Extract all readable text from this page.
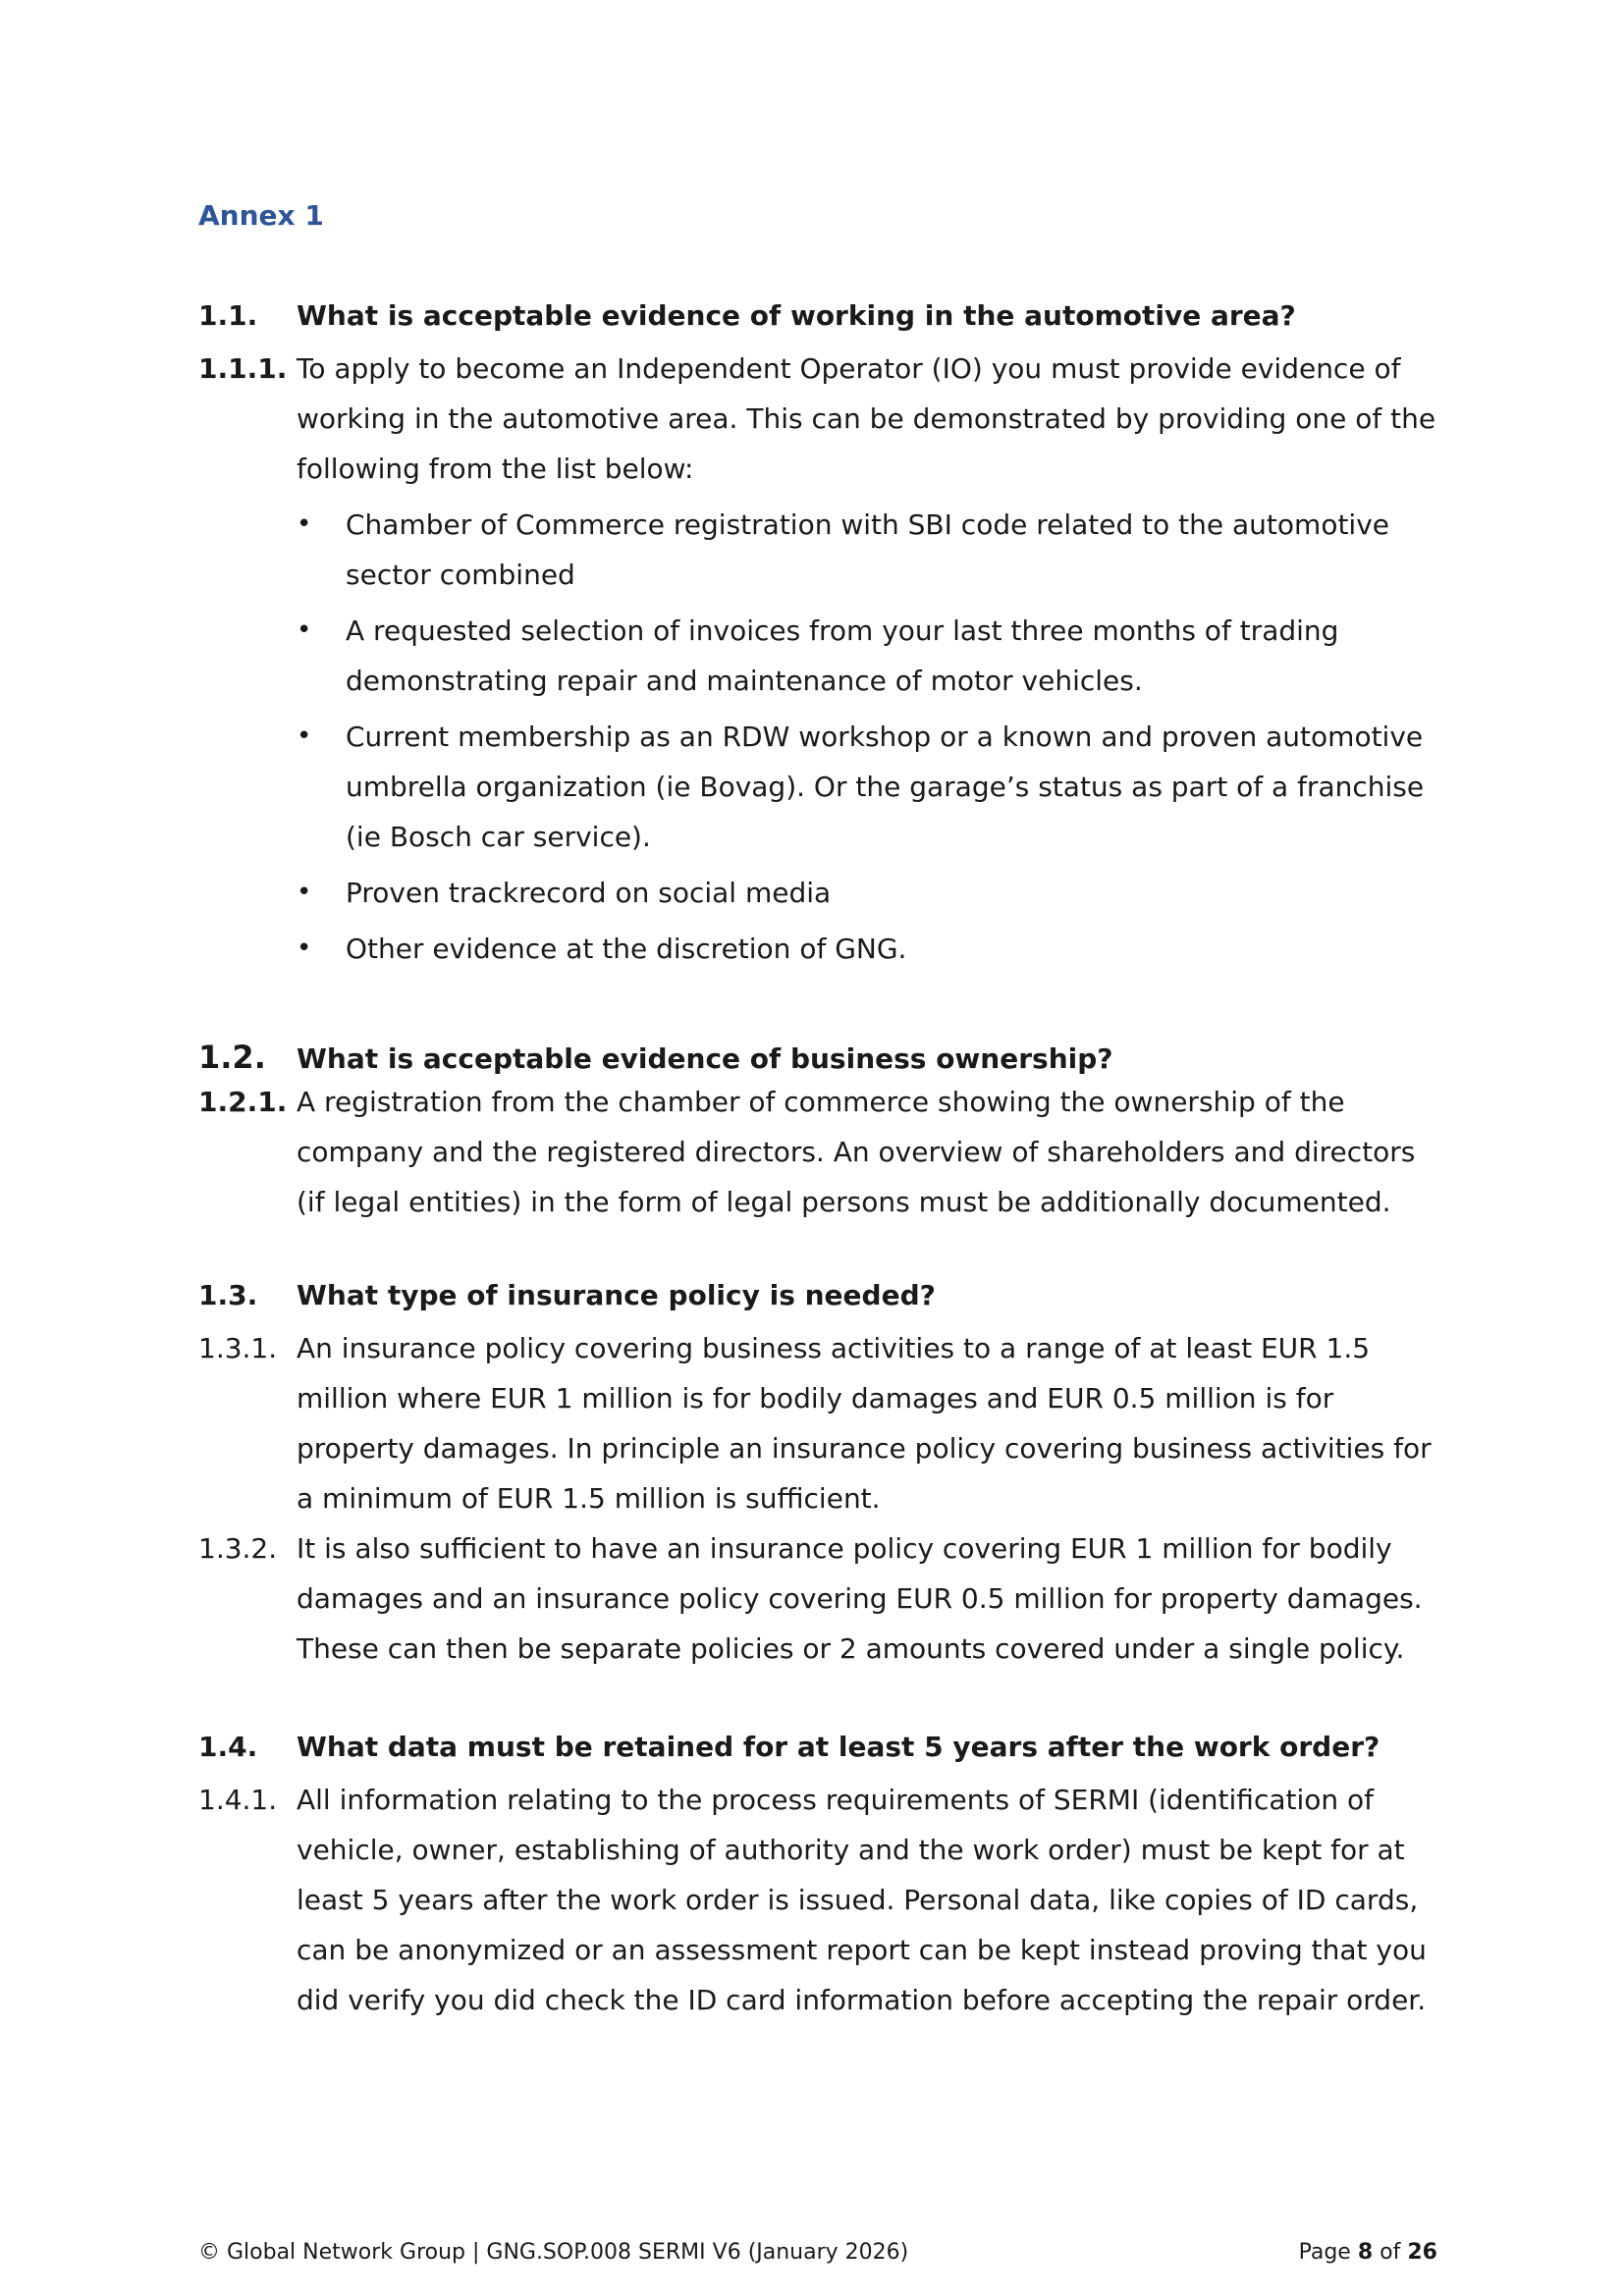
Annex 1
1.1. What is acceptable evidence of working in the automotive area?
1.1.1. To apply to become an Independent Operator (IO) you must provide evidence of working in the automotive area. This can be demonstrated by providing one of the following from the list below:
• Chamber of Commerce registration with SBI code related to the automotive sector combined
• A requested selection of invoices from your last three months of trading demonstrating repair and maintenance of motor vehicles.
• Current membership as an RDW workshop or a known and proven automotive umbrella organization (ie Bovag). Or the garage’s status as part of a franchise (ie Bosch car service).
• Proven trackrecord on social media
• Other evidence at the discretion of GNG.
1.2. What is acceptable evidence of business ownership?
1.2.1. A registration from the chamber of commerce showing the ownership of the company and the registered directors. An overview of shareholders and directors (if legal entities) in the form of legal persons must be additionally documented.
1.3. What type of insurance policy is needed?
1.3.1. An insurance policy covering business activities to a range of at least EUR 1.5 million where EUR 1 million is for bodily damages and EUR 0.5 million is for property damages. In principle an insurance policy covering business activities for a minimum of EUR 1.5 million is sufficient.
1.3.2. It is also sufficient to have an insurance policy covering EUR 1 million for bodily damages and an insurance policy covering EUR 0.5 million for property damages. These can then be separate policies or 2 amounts covered under a single policy.
1.4. What data must be retained for at least 5 years after the work order?
1.4.1. All information relating to the process requirements of SERMI (identification of vehicle, owner, establishing of authority and the work order) must be kept for at least 5 years after the work order is issued. Personal data, like copies of ID cards, can be anonymized or an assessment report can be kept instead proving that you did verify you did check the ID card information before accepting the repair order.
© Global Network Group | GNG.SOP.008 SERMI V6 (January 2026)	Page 8 of 26
